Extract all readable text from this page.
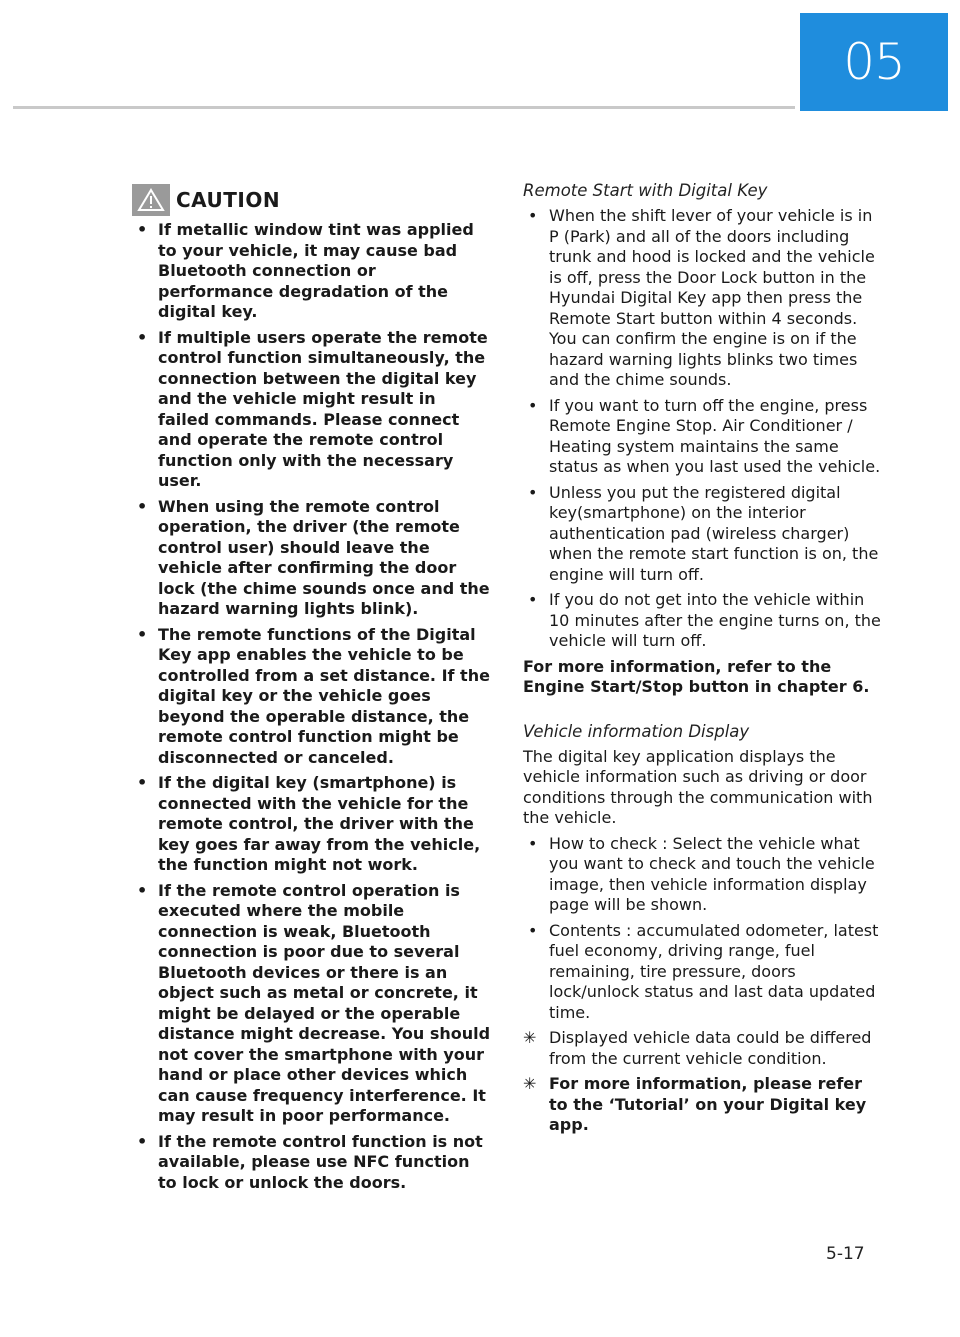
05
CAUTION
• If metallic window tint was applied to your vehicle, it may cause bad Bluetooth connection or performance degradation of the digital key.
• If multiple users operate the remote control function simultaneously, the connection between the digital key and the vehicle might result in failed commands. Please connect and operate the remote control function only with the necessary user.
• When using the remote control operation, the driver (the remote control user) should leave the vehicle after confirming the door lock (the chime sounds once and the hazard warning lights blink).
• The remote functions of the Digital Key app enables the vehicle to be controlled from a set distance. If the digital key or the vehicle goes beyond the operable distance, the remote control function might be disconnected or canceled.
• If the digital key (smartphone) is connected with the vehicle for the remote control, the driver with the key goes far away from the vehicle, the function might not work.
• If the remote control operation is executed where the mobile connection is weak, Bluetooth connection is poor due to several Bluetooth devices or there is an object such as metal or concrete, it might be delayed or the operable distance might decrease. You should not cover the smartphone with your hand or place other devices which can cause frequency interference. It may result in poor performance.
• If the remote control function is not available, please use NFC function to lock or unlock the doors.
Remote Start with Digital Key
• When the shift lever of your vehicle is in P (Park) and all of the doors including trunk and hood is locked and the vehicle is off, press the Door Lock button in the Hyundai Digital Key app then press the Remote Start button within 4 seconds.
You can confirm the engine is on if the hazard warning lights blinks two times and the chime sounds.
• If you want to turn off the engine, press Remote Engine Stop. Air Conditioner / Heating system maintains the same status as when you last used the vehicle.
• Unless you put the registered digital key(smartphone) on the interior authentication pad (wireless charger) when the remote start function is on, the engine will turn off.
• If you do not get into the vehicle within 10 minutes after the engine turns on, the vehicle will turn off.

For more information, refer to the Engine Start/Stop button in chapter 6.

Vehicle information Display

The digital key application displays the vehicle information such as driving or door conditions through the communication with the vehicle.

• How to check : Select the vehicle what you want to check and touch the vehicle image, then vehicle information display page will be shown.
• Contents : accumulated odometer, latest fuel economy, driving range, fuel remaining, tire pressure, doors lock/unlock status and last data updated time.
✳ Displayed vehicle data could be differed from the current vehicle condition.
✳ For more information, please refer to the ‘Tutorial’ on your Digital key app.
5-17
